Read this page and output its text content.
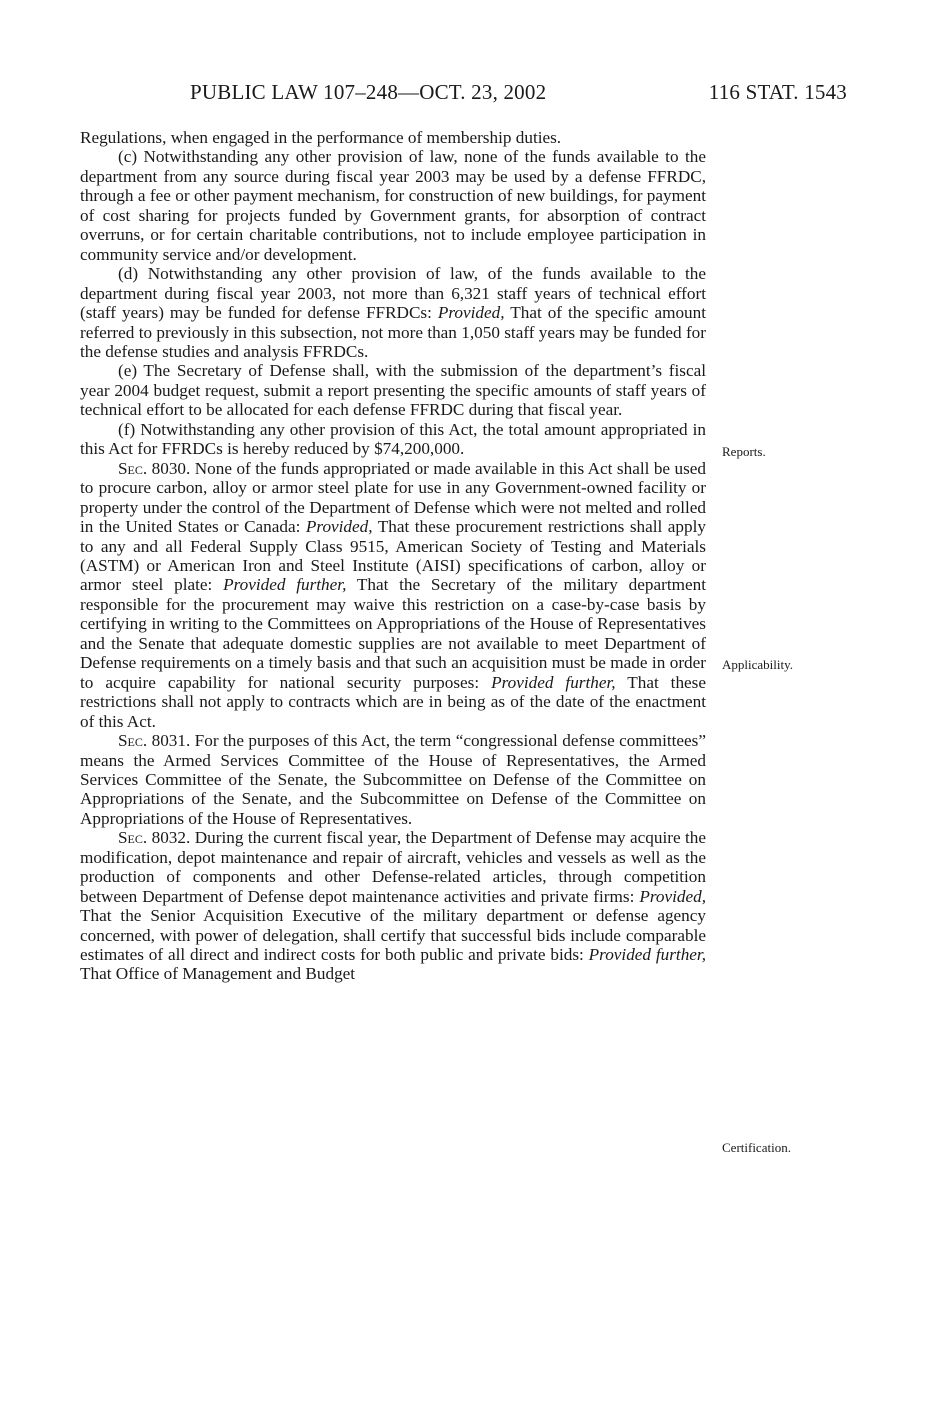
PUBLIC LAW 107–248—OCT. 23, 2002	116 STAT. 1543

Regulations, when engaged in the performance of membership duties.

(c) Notwithstanding any other provision of law, none of the funds available to the department from any source during fiscal year 2003 may be used by a defense FFRDC, through a fee or other payment mechanism, for construction of new buildings, for payment of cost sharing for projects funded by Government grants, for absorption of contract overruns, or for certain charitable contributions, not to include employee participation in community service and/or development.

(d) Notwithstanding any other provision of law, of the funds available to the department during fiscal year 2003, not more than 6,321 staff years of technical effort (staff years) may be funded for defense FFRDCs: Provided, That of the specific amount referred to previously in this subsection, not more than 1,050 staff years may be funded for the defense studies and analysis FFRDCs.

(e) The Secretary of Defense shall, with the submission of the department’s fiscal year 2004 budget request, submit a report presenting the specific amounts of staff years of technical effort to be allocated for each defense FFRDC during that fiscal year.

(f) Notwithstanding any other provision of this Act, the total amount appropriated in this Act for FFRDCs is hereby reduced by $74,200,000.

Sec. 8030. None of the funds appropriated or made available in this Act shall be used to procure carbon, alloy or armor steel plate for use in any Government-owned facility or property under the control of the Department of Defense which were not melted and rolled in the United States or Canada: Provided, That these procurement restrictions shall apply to any and all Federal Supply Class 9515, American Society of Testing and Materials (ASTM) or American Iron and Steel Institute (AISI) specifications of carbon, alloy or armor steel plate: Provided further, That the Secretary of the military department responsible for the procurement may waive this restriction on a case-by-case basis by certifying in writing to the Committees on Appropriations of the House of Representatives and the Senate that adequate domestic supplies are not available to meet Department of Defense requirements on a timely basis and that such an acquisition must be made in order to acquire capability for national security purposes: Provided further, That these restrictions shall not apply to contracts which are in being as of the date of the enactment of this Act.

Sec. 8031. For the purposes of this Act, the term “congressional defense committees” means the Armed Services Committee of the House of Representatives, the Armed Services Committee of the Senate, the Subcommittee on Defense of the Committee on Appropriations of the Senate, and the Subcommittee on Defense of the Committee on Appropriations of the House of Representatives.

Sec. 8032. During the current fiscal year, the Department of Defense may acquire the modification, depot maintenance and repair of aircraft, vehicles and vessels as well as the production of components and other Defense-related articles, through competition between Department of Defense depot maintenance activities and private firms: Provided, That the Senior Acquisition Executive of the military department or defense agency concerned, with power of delegation, shall certify that successful bids include comparable estimates of all direct and indirect costs for both public and private bids: Provided further, That Office of Management and Budget

Reports.
Applicability.
Certification.
